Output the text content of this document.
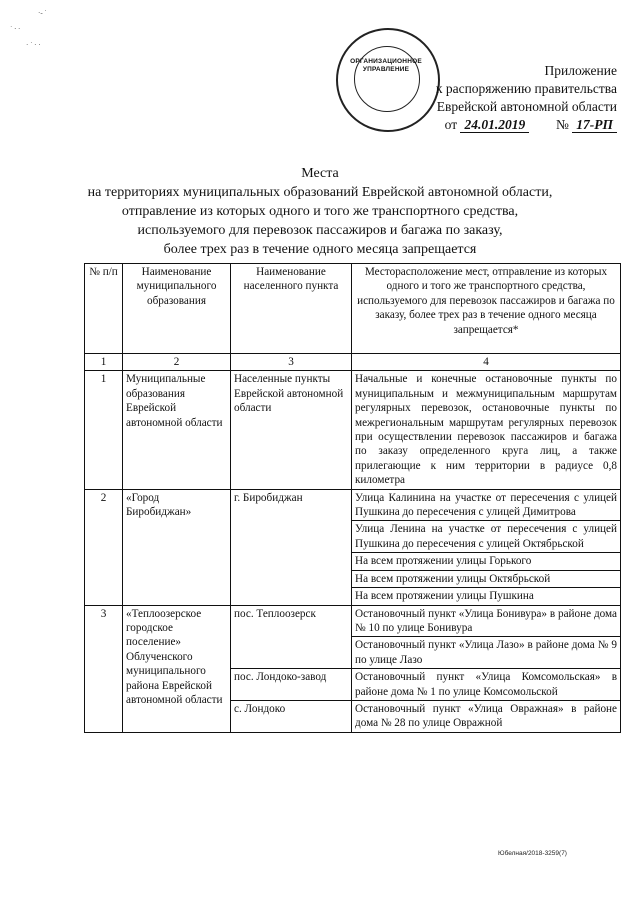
·‑ ˙
˙ ‧ ·
· ˙ · ·
ОРГАНИЗАЦИОННОЕ
УПРАВЛЕНИЕ	Приложение
к распоряжению правительства
Еврейской автономной области
от 24.01.2019 № 17-РП
Места
на территориях муниципальных образований Еврейской автономной области,
отправление из которых одного и того же транспортного средства,
используемого для перевозок пассажиров и багажа по заказу,
более трех раз в течение одного месяца запрещается
№ п/п	Наименование муниципального образования	Наименование населенного пункта	Месторасположение мест, отправление из которых одного и того же транспортного средства, используемого для перевозок пассажиров и багажа по заказу, более трех раз в течение одного месяца запрещается*
1	2	3	4
1	Муниципальные образования Еврейской автономной области	Населенные пункты Еврейской автономной области	Начальные и конечные остановочные пункты по муниципальным и межмуниципальным маршрутам регулярных перевозок, остановочные пункты по межрегиональным маршрутам регулярных перевозок при осуществлении перевозок пассажиров и багажа по заказу определенного круга лиц, а также прилегающие к ним территории в радиусе 0,8 километра
2	«Город Биробиджан»	г. Биробиджан	Улица Калинина на участке от пересечения с улицей Пушкина до пересечения с улицей Димитрова
			Улица Ленина на участке от пересечения с улицей Пушкина до пересечения с улицей Октябрьской
			На всем протяжении улицы Горького
			На всем протяжении улицы Октябрьской
			На всем протяжении улицы Пушкина
3	«Теплоозерское городское поселение» Облученского муниципального района Еврейской автономной области	пос. Теплоозерск	Остановочный пункт «Улица Бонивура» в районе дома № 10 по улице Бонивура
			Остановочный пункт «Улица Лазо» в районе дома № 9 по улице Лазо
		пос. Лондоко-завод	Остановочный пункт «Улица Комсомольская» в районе дома № 1 по улице Комсомольской
		с. Лондоко	Остановочный пункт «Улица Овражная» в районе дома № 28 по улице Овражной
Юбелная/2018-3259(7)
